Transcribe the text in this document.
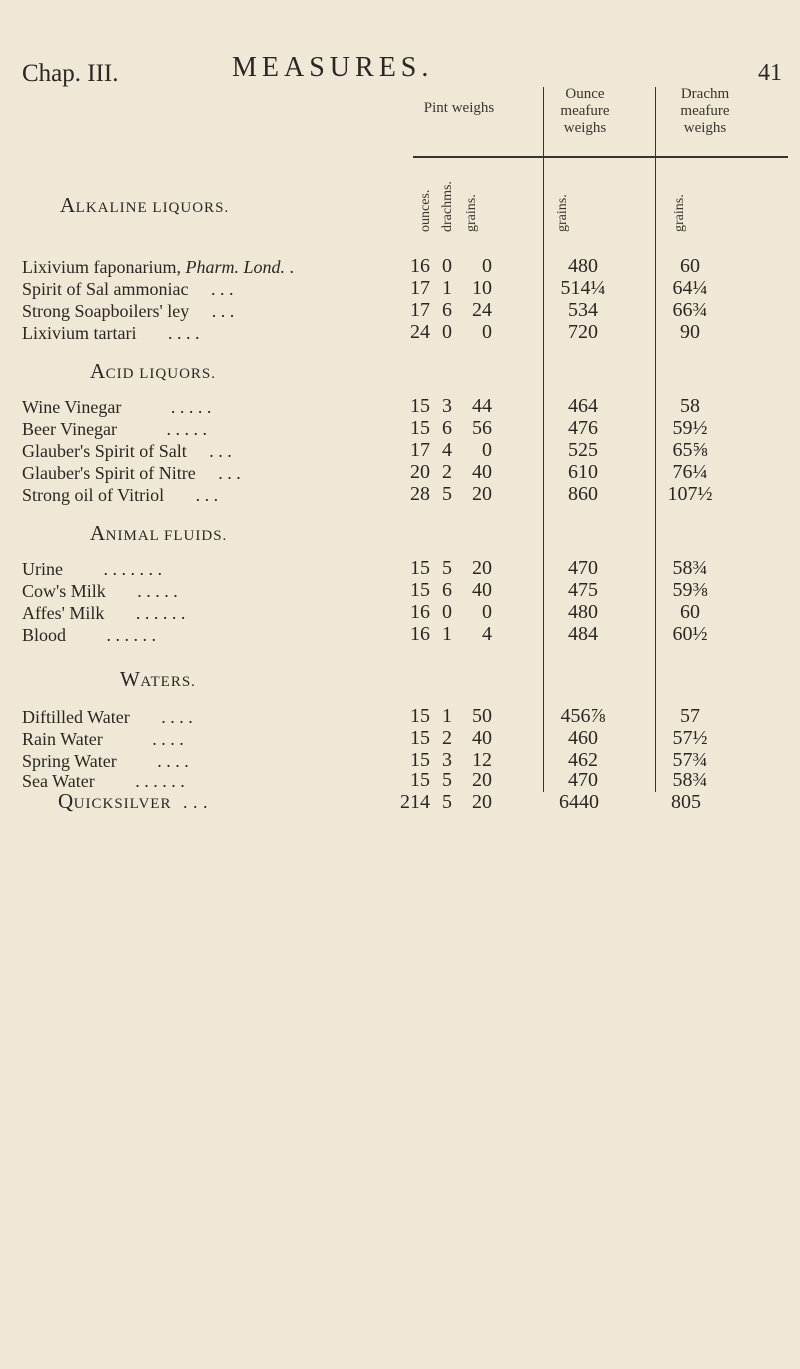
Chap. III.	MEASURES.	41
Pint weighs
Ounce meafure weighs
Drachm meafure weighs
ounces. drachms. grains.	grains.	grains.
ALKALINE LIQUORS.
Lixivium faponarium, Pharm. Lond. .	16 0	0	480	60
Spirit of Sal ammoniac . . .	17 1	10	514¼	64¼
Strong Soapboilers' ley . . .	17 6	24	534	66¾
Lixivium tartari . . . .	24 0	0	720	90
ACID LIQUORS.
Wine Vinegar	. . . . .	15 3	44	464	58
Beer Vinegar	. . . . .	15 6	56	476	59½
Glauber's Spirit of Salt . . .	17 4	0	525	65⅝
Glauber's Spirit of Nitre . . .	20 2	40	610	76¼
Strong oil of Vitriol . . .	28 5	20	860	107½
ANIMAL FLUIDS.
Urine . . . . . . .	15 5	20	470	58¾
Cow's Milk . . . . .	15 6	40	475	59⅜
Affes' Milk . . . . . .	16 0	0	480	60
Blood . . . . . .	16 1	4	484	60½
WATERS.
Diftilled Water . . . .	15 1	50	456⅞	57
Rain Water	. . . .	15 2	40	460	57½
Spring Water . . . .	15 3	12	462	57¾
Sea Water . . . . . .	15 5	20	470	58¾
QUICKSILVER . . .	214 5	20	6440	805
